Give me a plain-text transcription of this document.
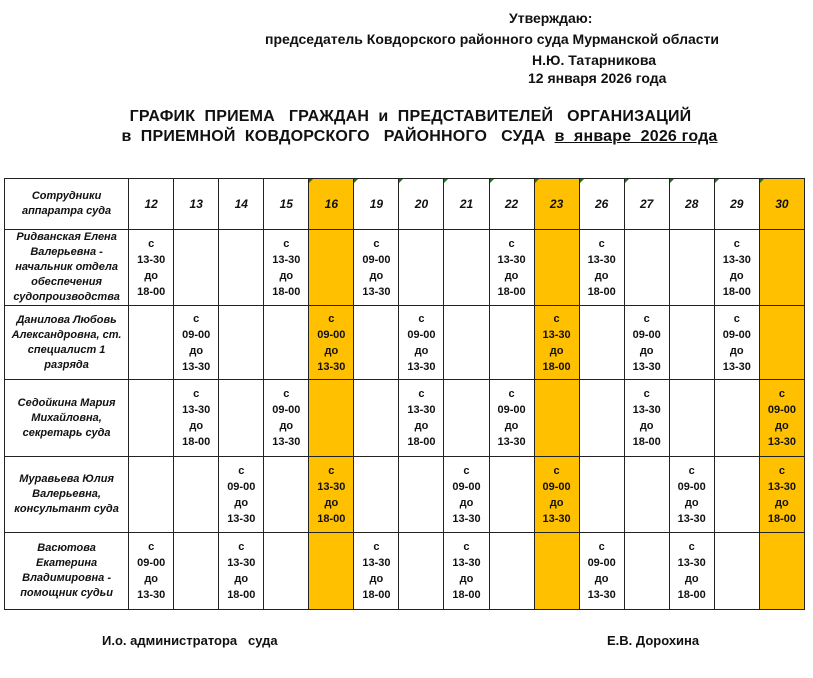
Утверждаю:
председатель Ковдорского районного суда Мурманской области
Н.Ю. Татарникова
12 января 2026 года
ГРАФИК  ПРИЕМА   ГРАЖДАН  и  ПРЕДСТАВИТЕЛЕЙ   ОРГАНИЗАЦИЙ
в  ПРИЕМНОЙ  КОВДОРСКОГО   РАЙОННОГО   СУДА  в  январе  2026 года
Сотрудники аппаратра суда	12	13	14	15	16	19	20	21	22	23	26	27	28	29	30

Ридванская Елена Валерьевна - начальник отдела обеспечения судопроизводства	с
13-30
до
18-00			с
13-30
до
18-00		с
09-00
до
13-30			с
13-30
до
18-00		с
13-30
до
18-00			с
13-30
до
18-00	

Данилова Любовь Александровна, ст. специалист 1 разряда		с
09-00
до
13-30			с
09-00
до
13-30		с
09-00
до
13-30			с
13-30
до
18-00		с
09-00
до
13-30		с
09-00
до
13-30	

Седойкина Мария Михайловна, секретарь суда		с
13-30
до
18-00		с
09-00
до
13-30			с
13-30
до
18-00		с
09-00
до
13-30			с
13-30
до
18-00			с
09-00
до
13-30

Муравьева Юлия Валерьевна, консультант суда			с
09-00
до
13-30		с
13-30
до
18-00			с
09-00
до
13-30		с
09-00
до
13-30			с
09-00
до
13-30		с
13-30
до
18-00

Васютова Екатерина Владимировна - помощник судьи	с
09-00
до
13-30		с
13-30
до
18-00			с
13-30
до
18-00		с
13-30
до
18-00			с
09-00
до
13-30		с
13-30
до
18-00		

И.о. администратора   суда	Е.В. Дорохина
